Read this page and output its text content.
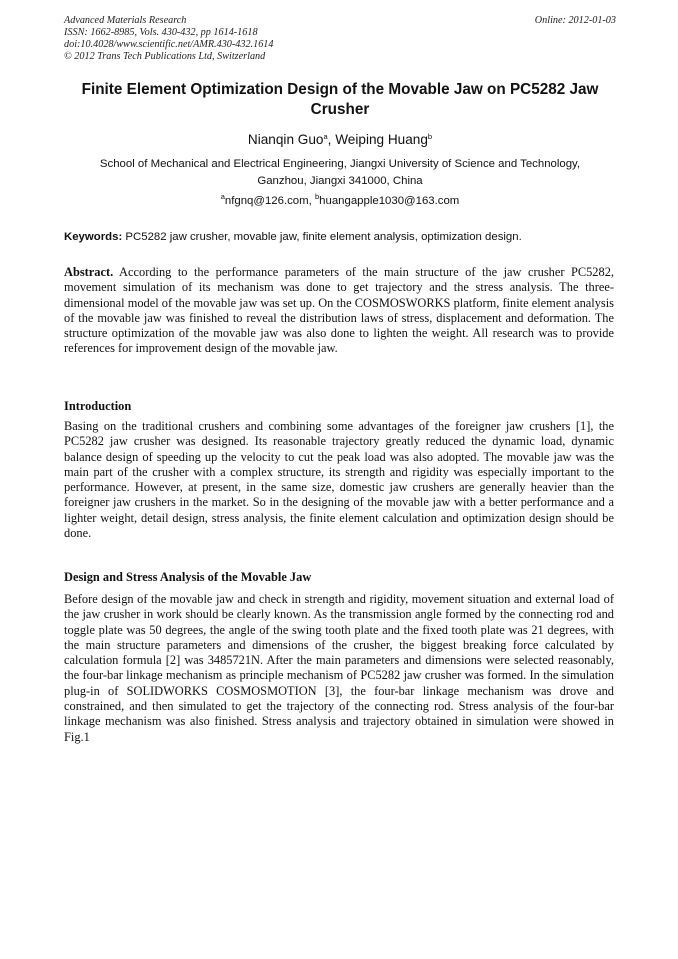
Advanced Materials Research
ISSN: 1662-8985, Vols. 430-432, pp 1614-1618
doi:10.4028/www.scientific.net/AMR.430-432.1614
© 2012 Trans Tech Publications Ltd, Switzerland
Online: 2012-01-03
Finite Element Optimization Design of the Movable Jaw on PC5282 Jaw Crusher
Nianqin Guo$^a$, Weiping Huang$^b$
School of Mechanical and Electrical Engineering, Jiangxi University of Science and Technology,
Ganzhou, Jiangxi 341000, China
$^a$nfgnq@126.com, $^b$huangapple1030@163.com
Keywords: PC5282 jaw crusher, movable jaw, finite element analysis, optimization design.
Abstract. According to the performance parameters of the main structure of the jaw crusher PC5282, movement simulation of its mechanism was done to get trajectory and the stress analysis. The three-dimensional model of the movable jaw was set up. On the COSMOSWORKS platform, finite element analysis of the movable jaw was finished to reveal the distribution laws of stress, displacement and deformation. The structure optimization of the movable jaw was also done to lighten the weight. All research was to provide references for improvement design of the movable jaw.
Introduction
Basing on the traditional crushers and combining some advantages of the foreigner jaw crushers [1], the PC5282 jaw crusher was designed. Its reasonable trajectory greatly reduced the dynamic load, dynamic balance design of speeding up the velocity to cut the peak load was also adopted. The movable jaw was the main part of the crusher with a complex structure, its strength and rigidity was especially important to the performance. However, at present, in the same size, domestic jaw crushers are generally heavier than the foreigner jaw crushers in the market. So in the designing of the movable jaw with a better performance and a lighter weight, detail design, stress analysis, the finite element calculation and optimization design should be done.
Design and Stress Analysis of the Movable Jaw
Before design of the movable jaw and check in strength and rigidity, movement situation and external load of the jaw crusher in work should be clearly known. As the transmission angle formed by the connecting rod and toggle plate was 50 degrees, the angle of the swing tooth plate and the fixed tooth plate was 21 degrees, with the main structure parameters and dimensions of the crusher, the biggest breaking force calculated by calculation formula [2] was 3485721N. After the main parameters and dimensions were selected reasonably, the four-bar linkage mechanism as principle mechanism of PC5282 jaw crusher was formed. In the simulation plug-in of SOLIDWORKS COSMOSMOTION [3], the four-bar linkage mechanism was drove and constrained, and then simulated to get the trajectory of the connecting rod. Stress analysis of the four-bar linkage mechanism was also finished. Stress analysis and trajectory obtained in simulation were showed in Fig.1
